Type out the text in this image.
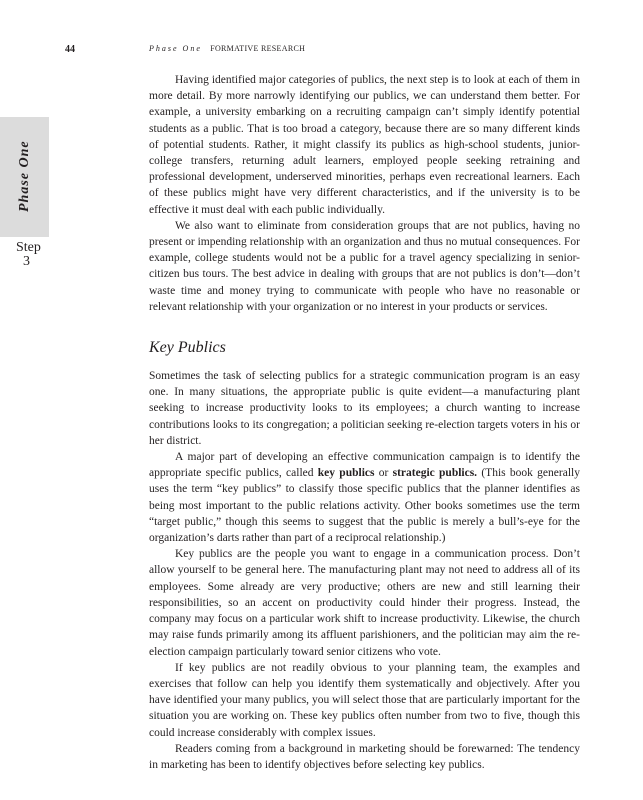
44	Phase One FORMATIVE RESEARCH
Phase One
Step
3

Having identified major categories of publics, the next step is to look at each of them in more detail. By more narrowly identifying our publics, we can understand them better. For example, a university embarking on a recruiting campaign can’t simply identify potential students as a public. That is too broad a category, because there are so many different kinds of potential students. Rather, it might classify its publics as high-school students, junior-college transfers, returning adult learners, employed people seeking retraining and professional development, underserved minorities, perhaps even recreational learners. Each of these publics might have very different characteristics, and if the university is to be effective it must deal with each public individually.

We also want to eliminate from consideration groups that are not publics, having no present or impending relationship with an organization and thus no mutual consequences. For example, college students would not be a public for a travel agency specializing in senior-citizen bus tours. The best advice in dealing with groups that are not publics is don’t—don’t waste time and money trying to communicate with people who have no reasonable or relevant relationship with your organization or no interest in your products or services.

Key Publics

Sometimes the task of selecting publics for a strategic communication program is an easy one. In many situations, the appropriate public is quite evident—a manufacturing plant seeking to increase productivity looks to its employees; a church wanting to increase contributions looks to its congregation; a politician seeking re-election targets voters in his or her district.

A major part of developing an effective communication campaign is to identify the appropriate specific publics, called key publics or strategic publics. (This book generally uses the term “key publics” to classify those specific publics that the planner identifies as being most important to the public relations activity. Other books sometimes use the term “target public,” though this seems to suggest that the public is merely a bull’s-eye for the organization’s darts rather than part of a reciprocal relationship.)

Key publics are the people you want to engage in a communication process. Don’t allow yourself to be general here. The manufacturing plant may not need to address all of its employees. Some already are very productive; others are new and still learning their responsibilities, so an accent on productivity could hinder their progress. Instead, the company may focus on a particular work shift to increase productivity. Likewise, the church may raise funds primarily among its affluent parishioners, and the politician may aim the re-election campaign particularly toward senior citizens who vote.

If key publics are not readily obvious to your planning team, the examples and exercises that follow can help you identify them systematically and objectively. After you have identified your many publics, you will select those that are particularly important for the situation you are working on. These key publics often number from two to five, though this could increase considerably with complex issues.

Readers coming from a background in marketing should be forewarned: The tendency in marketing has been to identify objectives before selecting key publics.
